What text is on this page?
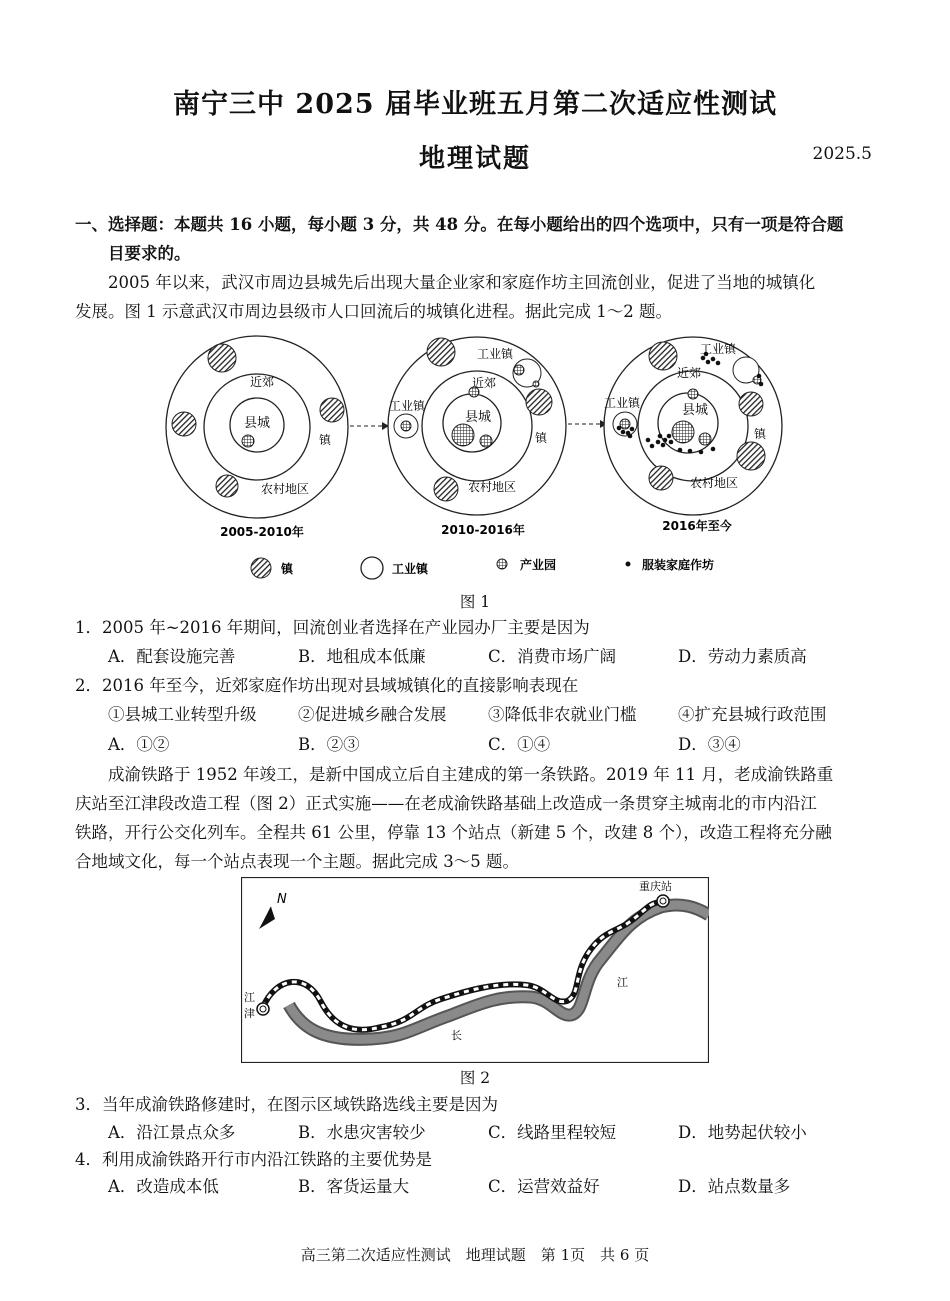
南宁三中 2025 届毕业班五月第二次适应性测试
地理试题	2025.5
一、选择题：本题共 16 小题，每小题 3 分，共 48 分。在每小题给出的四个选项中，只有一项是符合题
目要求的。
2005 年以来，武汉市周边县城先后出现大量企业家和家庭作坊主回流创业，促进了当地的城镇化
发展。图 1 示意武汉市周边县级市人口回流后的城镇化进程。据此完成 1～2 题。
近郊
县城
镇
农村地区
2005-2010年
近郊
县城
工业镇
工业镇
镇
农村地区
2010-2016年
近郊
县城
工业镇
工业镇
镇
农村地区
2016年至今
镇	工业镇	产业园	服装家庭作坊
图 1
1．2005 年~2016 年期间，回流创业者选择在产业园办厂主要是因为
A．配套设施完善	B．地租成本低廉	C．消费市场广阔	D．劳动力素质高
2．2016 年至今，近郊家庭作坊出现对县域城镇化的直接影响表现在
①县城工业转型升级	②促进城乡融合发展	③降低非农就业门槛	④扩充县城行政范围
A．①②	B．②③	C．①④	D．③④
成渝铁路于 1952 年竣工，是新中国成立后自主建成的第一条铁路。2019 年 11 月，老成渝铁路重
庆站至江津段改造工程（图 2）正式实施——在老成渝铁路基础上改造成一条贯穿主城南北的市内沿江
铁路，开行公交化列车。全程共 61 公里，停靠 13 个站点（新建 5 个，改建 8 个），改造工程将充分融
合地域文化，每一个站点表现一个主题。据此完成 3～5 题。
重庆站
江
津
长
江
N
图 2
3．当年成渝铁路修建时，在图示区域铁路选线主要是因为
A．沿江景点众多	B．水患灾害较少	C．线路里程较短	D．地势起伏较小
4．利用成渝铁路开行市内沿江铁路的主要优势是
A．改造成本低	B．客货运量大	C．运营效益好	D．站点数量多
高三第二次适应性测试　地理试题　第 1页　共 6 页
